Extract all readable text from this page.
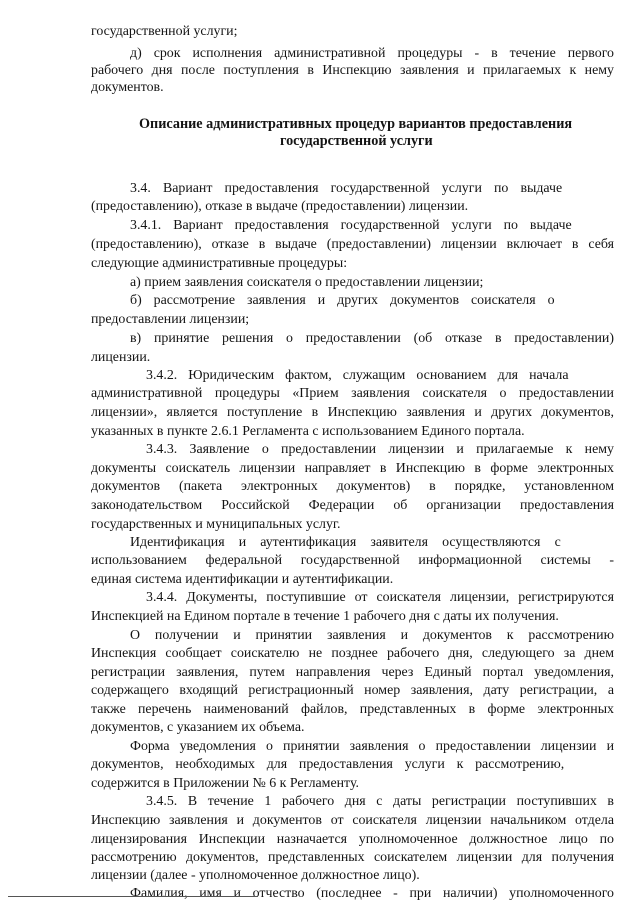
государственной услуги;
д) срок исполнения административной процедуры - в течение первого
рабочего дня после поступления в Инспекцию заявления и прилагаемых к нему
документов.
Описание административных процедур вариантов предоставления
государственной услуги
3.4. Вариант предоставления государственной услуги по выдаче
(предоставлению), отказе в выдаче (предоставлении) лицензии.
3.4.1. Вариант предоставления государственной услуги по выдаче
(предоставлению), отказе в выдаче (предоставлении) лицензии включает в себя
следующие административные процедуры:
а) прием заявления соискателя о предоставлении лицензии;
б) рассмотрение заявления и других документов соискателя о
предоставлении лицензии;
в) принятие решения о предоставлении (об отказе в предоставлении)
лицензии.
3.4.2. Юридическим фактом, служащим основанием для начала
административной процедуры «Прием заявления соискателя о предоставлении
лицензии», является поступление в Инспекцию заявления и других документов,
указанных в пункте 2.6.1 Регламента с использованием Единого портала.
3.4.3. Заявление о предоставлении лицензии и прилагаемые к нему
документы соискатель лицензии направляет в Инспекцию в форме электронных
документов (пакета электронных документов) в порядке, установленном
законодательством Российской Федерации об организации предоставления
государственных и муниципальных услуг.
Идентификация и аутентификация заявителя осуществляются с
использованием федеральной государственной информационной системы -
единая система идентификации и аутентификации.
3.4.4. Документы, поступившие от соискателя лицензии, регистрируются
Инспекцией на Едином портале в течение 1 рабочего дня с даты их получения.
О получении и принятии заявления и документов к рассмотрению
Инспекция сообщает соискателю не позднее рабочего дня, следующего за днем
регистрации заявления, путем направления через Единый портал уведомления,
содержащего входящий регистрационный номер заявления, дату регистрации, а
также перечень наименований файлов, представленных в форме электронных
документов, с указанием их объема.
Форма уведомления о принятии заявления о предоставлении лицензии и
документов, необходимых для предоставления услуги к рассмотрению,
содержится в Приложении № 6 к Регламенту.
3.4.5. В течение 1 рабочего дня с даты регистрации поступивших в
Инспекцию заявления и документов от соискателя лицензии начальником отдела
лицензирования Инспекции назначается уполномоченное должностное лицо по
рассмотрению документов, представленных соискателем лицензии для получения
лицензии (далее - уполномоченное должностное лицо).
Фамилия, имя и отчество (последнее - при наличии) уполномоченного
